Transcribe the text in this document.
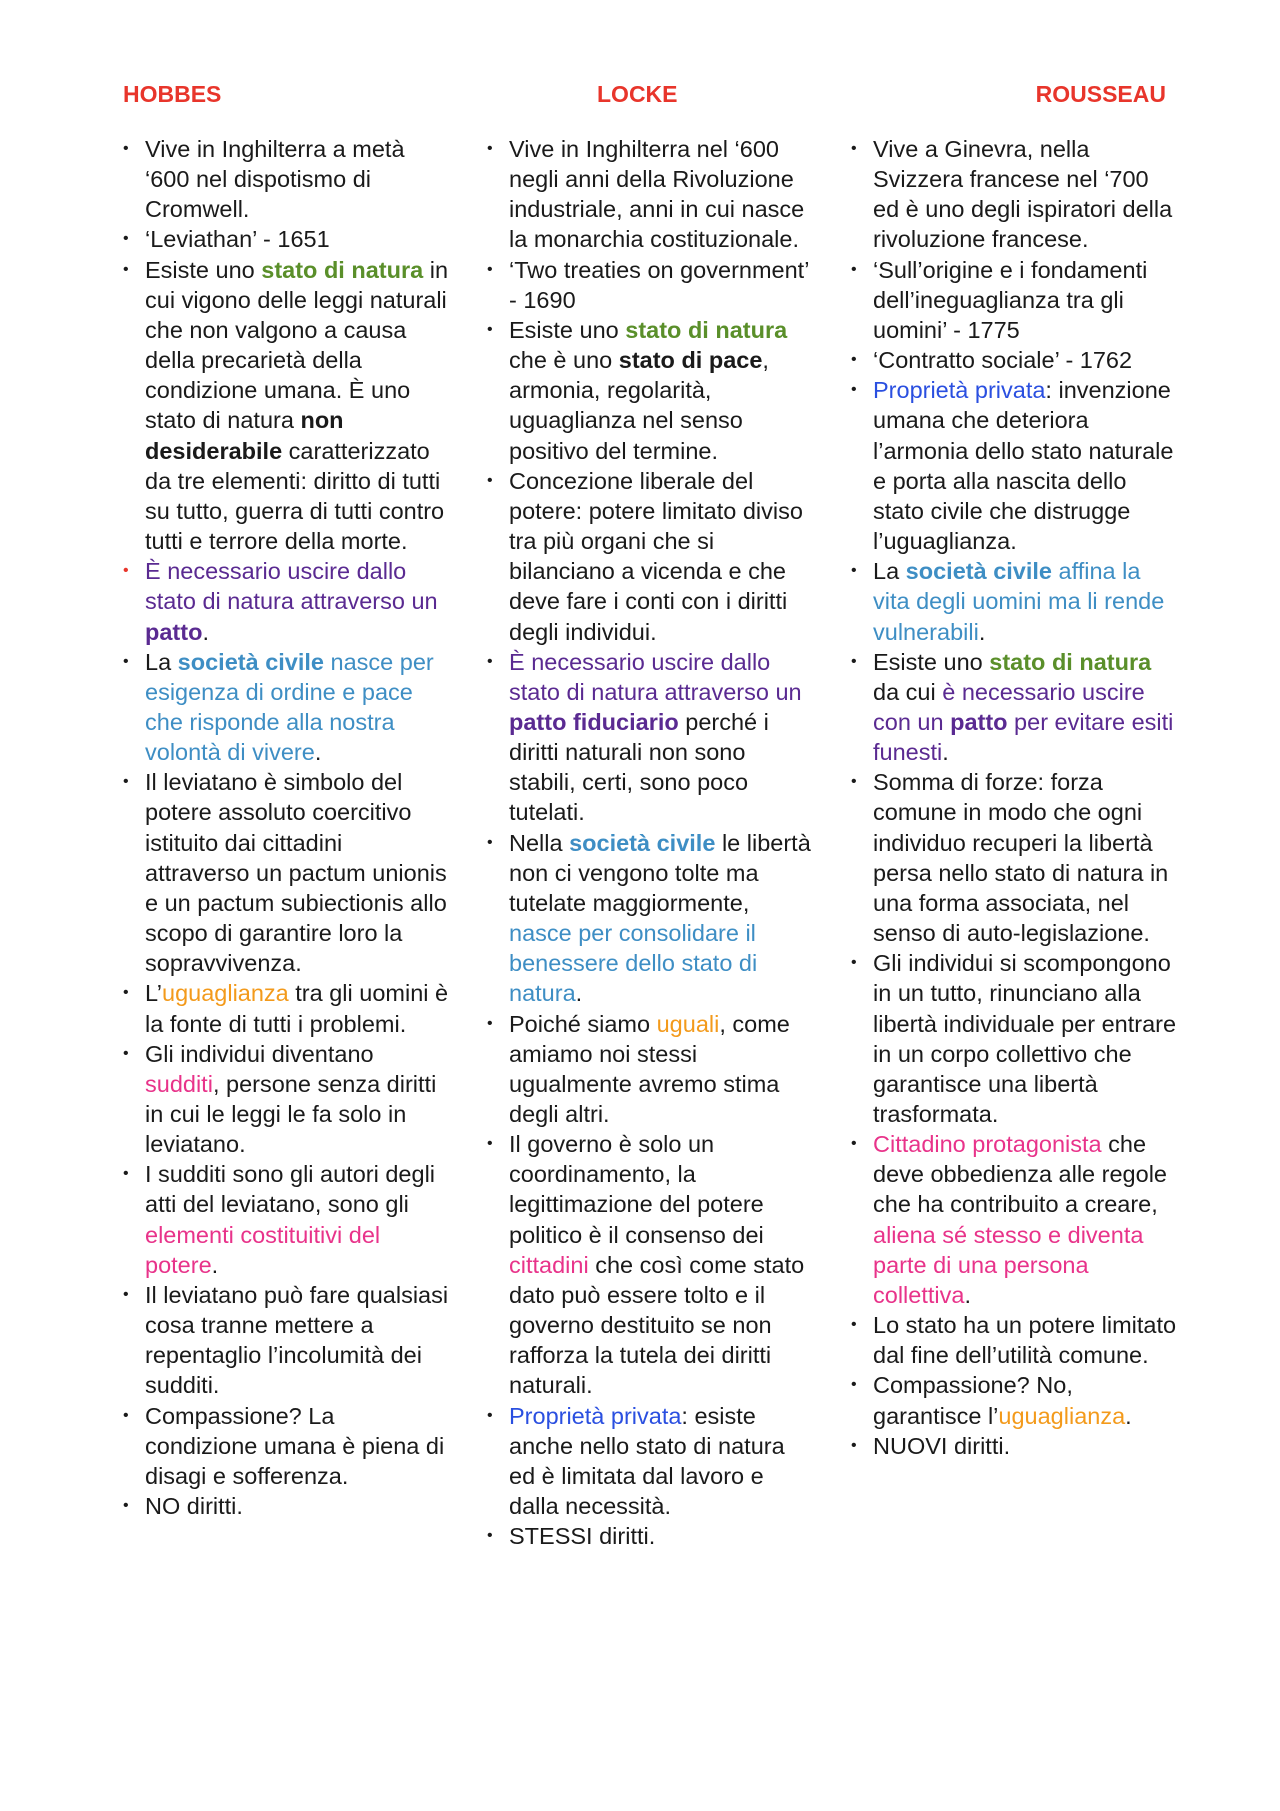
HOBBES
• Vive in Inghilterra a metà ‘600 nel dispotismo di Cromwell.
• ‘Leviathan’ - 1651
• Esiste uno stato di natura in cui vigono delle leggi naturali che non valgono a causa della precarietà della condizione umana. È uno stato di natura non desiderabile caratterizzato da tre elementi: diritto di tutti su tutto, guerra di tutti contro tutti e terrore della morte.
• È necessario uscire dallo stato di natura attraverso un patto.
• La società civile nasce per esigenza di ordine e pace che risponde alla nostra volontà di vivere.
• Il leviatano è simbolo del potere assoluto coercitivo istituito dai cittadini attraverso un pactum unionis e un pactum subiectionis allo scopo di garantire loro la sopravvivenza.
• L’uguaglianza tra gli uomini è la fonte di tutti i problemi.
• Gli individui diventano sudditi, persone senza diritti in cui le leggi le fa solo in leviatano.
• I sudditi sono gli autori degli atti del leviatano, sono gli elementi costituitivi del potere.
• Il leviatano può fare qualsiasi cosa tranne mettere a repentaglio l’incolumità dei sudditi.
• Compassione? La condizione umana è piena di disagi e sofferenza.
• NO diritti.
LOCKE
• Vive in Inghilterra nel ‘600 negli anni della Rivoluzione industriale, anni in cui nasce la monarchia costituzionale.
• ‘Two treaties on government’ - 1690
• Esiste uno stato di natura che è uno stato di pace, armonia, regolarità, uguaglianza nel senso positivo del termine.
• Concezione liberale del potere: potere limitato diviso tra più organi che si bilanciano a vicenda e che deve fare i conti con i diritti degli individui.
• È necessario uscire dallo stato di natura attraverso un patto fiduciario perché i diritti naturali non sono stabili, certi, sono poco tutelati.
• Nella società civile le libertà non ci vengono tolte ma tutelate maggiormente, nasce per consolidare il benessere dello stato di natura.
• Poiché siamo uguali, come amiamo noi stessi ugualmente avremo stima degli altri.
• Il governo è solo un coordinamento, la legittimazione del potere politico è il consenso dei cittadini che così come stato dato può essere tolto e il governo destituito se non rafforza la tutela dei diritti naturali.
• Proprietà privata: esiste anche nello stato di natura ed è limitata dal lavoro e dalla necessità.
• STESSI diritti.
ROUSSEAU
• Vive a Ginevra, nella Svizzera francese nel ‘700 ed è uno degli ispiratori della rivoluzione francese.
• ‘Sull’origine e i fondamenti dell’ineguaglianza tra gli uomini’ - 1775
• ‘Contratto sociale’ - 1762
• Proprietà privata: invenzione umana che deteriora l’armonia dello stato naturale e porta alla nascita dello stato civile che distrugge l’uguaglianza.
• La società civile affina la vita degli uomini ma li rende vulnerabili.
• Esiste uno stato di natura da cui è necessario uscire con un patto per evitare esiti funesti.
• Somma di forze: forza comune in modo che ogni individuo recuperi la libertà persa nello stato di natura in una forma associata, nel senso di auto-legislazione.
• Gli individui si scompongono in un tutto, rinunciano alla libertà individuale per entrare in un corpo collettivo che garantisce una libertà trasformata.
• Cittadino protagonista che deve obbedienza alle regole che ha contribuito a creare, aliena sé stesso e diventa parte di una persona collettiva.
• Lo stato ha un potere limitato dal fine dell’utilità comune.
• Compassione? No, garantisce l’uguaglianza.
• NUOVI diritti.
